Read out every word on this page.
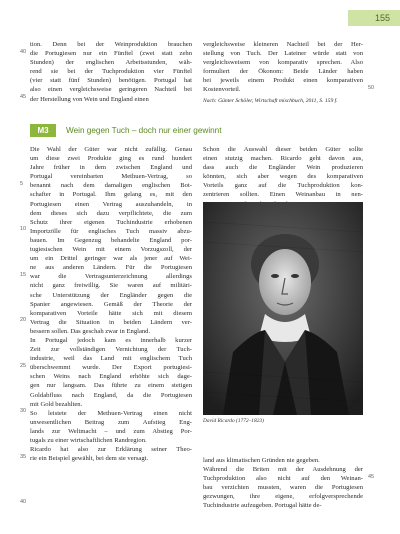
155
tion. Denn bei der Weinproduktion brauchen
die Portugiesen nur ein Fünftel (zwei statt zehn
Stunden) der englischen Arbeitsstunden, wäh-
rend sie bei der Tuchproduktion vier Fünftel
(vier statt fünf Stunden) benötigen. Portugal hat
also einen vergleichsweise geringeren Nachteil bei
der Herstellung von Wein und England einen
vergleichsweise kleineren Nachteil bei der Her-
stellung von Tuch. Der Lateiner würde statt von
vergleichsweisem von komparativ sprechen. Also
formuliert der Ökonom: Beide Länder haben
bei jeweils einem Produkt einen komparativen
Kostenvorteil.
Nach: Günter Schöler, Wirtschaft mischbuch, 2011, S. 159 f.
40
45
50
M3	Wein gegen Tuch – doch nur einer gewinnt
Die Wahl der Güter war nicht zufällig. Genau
um diese zwei Produkte ging es rund hundert
Jahre früher in dem zwischen England und
Portugal vereinbarten Methuen-Vertrag, so
benannt nach dem damaligen englischen Bot-
schafter in Portugal. Ihm gelang es, mit den
Portugiesen einen Vertrag auszuhandeln, in
dem dieses sich dazu verpflichtete, die zum
Schutz ihrer eigenen Tuchindustrie erhobenen
Importzölle für englisches Tuch massiv abzu-
bauen. Im Gegenzug behandelte England por-
tugiesischen Wein mit einem Vorzugszoll, der
um ein Drittel geringer war als jener auf Wei-
ne aus anderen Ländern. Für die Portugiesen
war die Vertragsunterzeichnung allerdings
nicht ganz freiwillig. Sie waren auf militäri-
sche Unterstützung der Engländer gegen die
Spanier angewiesen. Gemäß der Theorie der
komparativen Vorteile hätte sich mit diesem
Vertrag die Situation in beiden Ländern ver-
bessern sollen. Das geschah zwar in England.
In Portugal jedoch kam es innerhalb kurzer
Zeit zur vollständigen Vernichtung der Tuch-
industrie, weil das Land mit englischem Tuch
überschwemmt wurde. Der Export portugiesi-
schen Weins nach England erhöhte sich dage-
gen nur langsam. Das führte zu einem stetigen
Goldabfluss nach England, da die Portugiesen
mit Gold bezahlten.
So leistete der Methuen-Vertrag einen nicht
unwesentlichen Beitrag zum Aufstieg Eng-
lands zur Weltmacht – und zum Abstieg Por-
tugals zu einer wirtschaftlichen Randregion.
Ricardo hat also zur Erklärung seiner Theo-
rie ein Beispiel gewählt, bei dem sie versagt.
Schon die Auswahl dieser beiden Güter sollte
einen stutzig machen. Ricardo geht davon aus,
dass auch die Engländer Wein produzieren
könnten, sich aber wegen des komparativen
Vorteils ganz auf die Tuchproduktion kon-
zentrieren sollten. Einen Weinanbau in nen-
David Ricardo (1772–1823)
land aus klimatischen Gründen nie gegeben.
Während die Briten mit der Ausdehnung der
Tuchproduktion also nicht auf den Weinan-
bau verzichten mussten, waren die Portugiesen
gezwungen, ihre eigene, erfolgversprechende
Tuchindustrie aufzugeben. Portugal hätte de-
5
10
15
20
25
30
35
40
45
